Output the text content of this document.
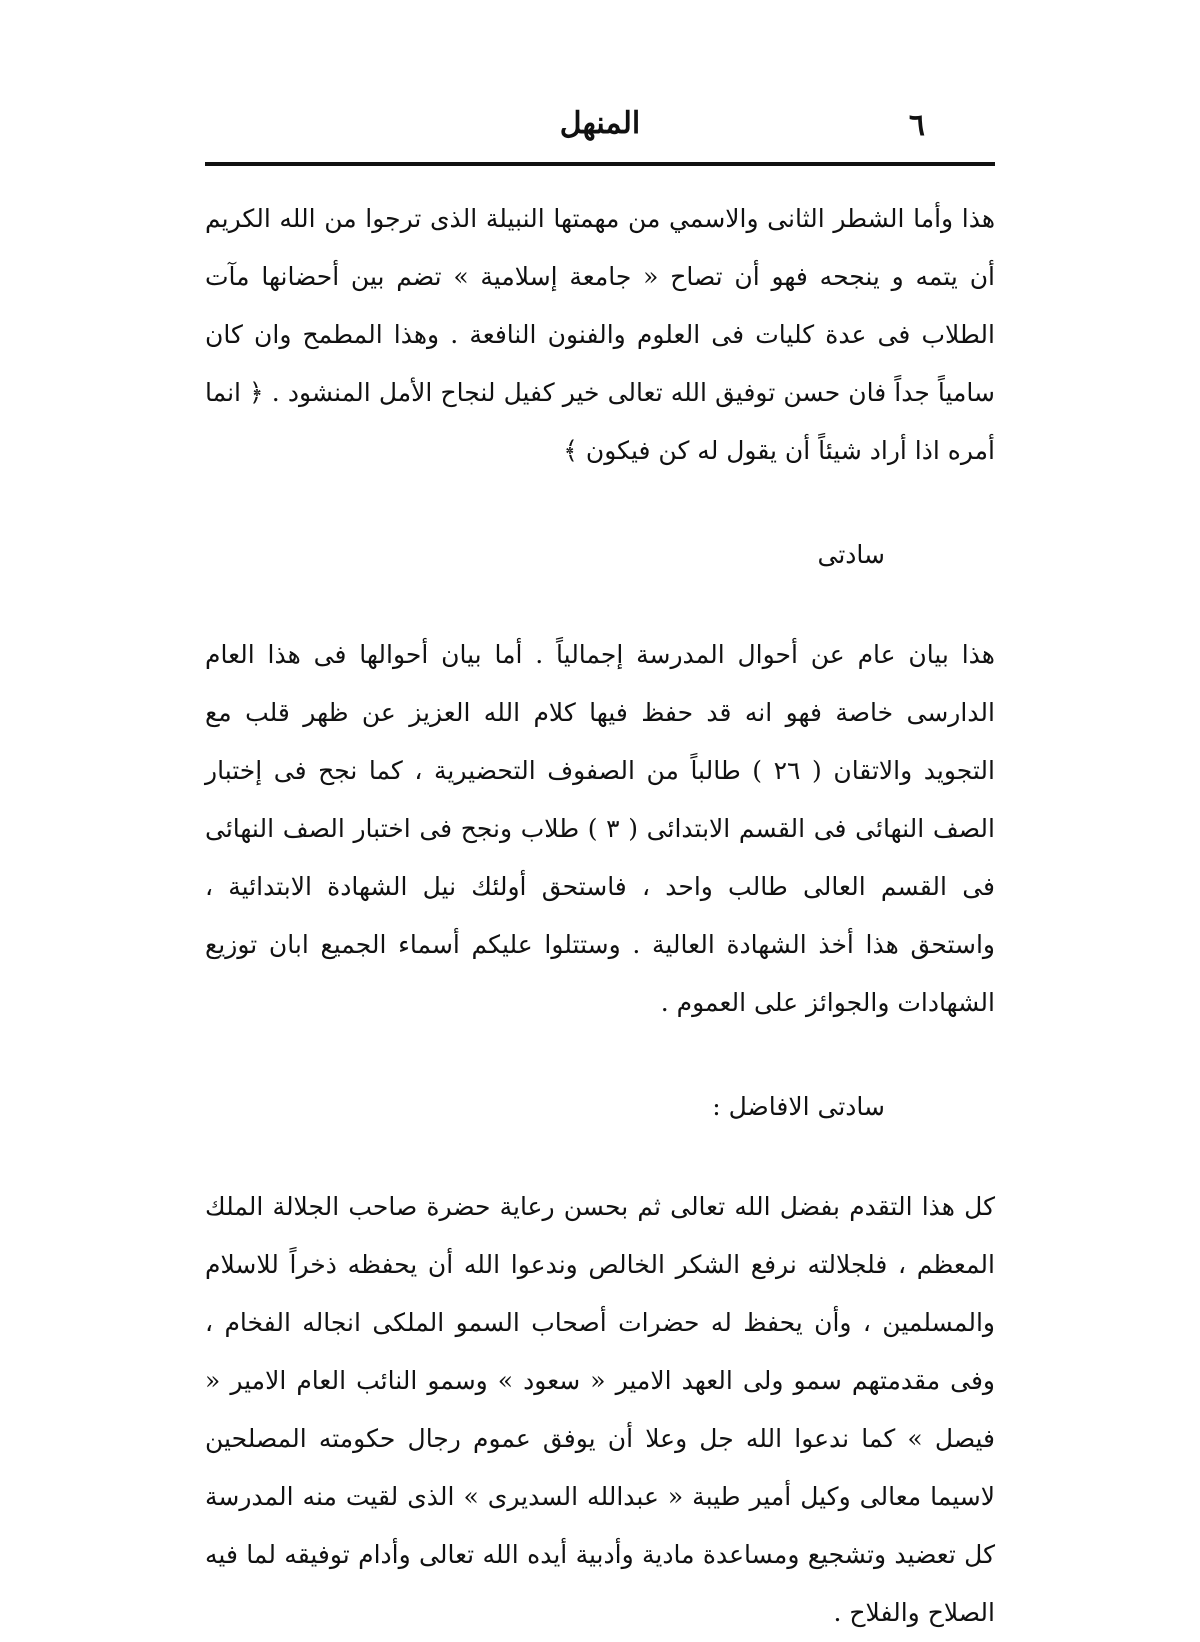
٦
المنهل

هذا وأما الشطر الثانى والاسمي من مهمتها النبيلة الذى ترجوا من الله الكريم أن يتمه و ينجحه فهو أن تصاح « جامعة إسلامية » تضم بين أحضانها مآت الطلاب فى عدة كليات فى العلوم والفنون النافعة . وهذا المطمح وان كان سامياً جداً فان حسن توفيق الله تعالى خير كفيل لنجاح الأمل المنشود . ﴿ انما أمره اذا أراد شيئاً أن يقول له كن فيكون ﴾

سادتى

هذا بيان عام عن أحوال المدرسة إجمالياً . أما بيان أحوالها فى هذا العام الدارسى خاصة فهو انه قد حفظ فيها كلام الله العزيز عن ظهر قلب مع التجويد والاتقان ( ٢٦ ) طالباً من الصفوف التحضيرية ، كما نجح فى إختبار الصف النهائى فى القسم الابتدائى ( ٣ ) طلاب ونجح فى اختبار الصف النهائى فى القسم العالى طالب واحد ، فاستحق أولئك نيل الشهادة الابتدائية ، واستحق هذا أخذ الشهادة العالية . وستتلوا عليكم أسماء الجميع ابان توزيع الشهادات والجوائز على العموم .

سادتى الافاضل :

كل هذا التقدم بفضل الله تعالى ثم بحسن رعاية حضرة صاحب الجلالة الملك المعظم ، فلجلالته نرفع الشكر الخالص وندعوا الله أن يحفظه ذخراً للاسلام والمسلمين ، وأن يحفظ له حضرات أصحاب السمو الملكى انجاله الفخام ، وفى مقدمتهم سمو ولى العهد الامير « سعود » وسمو النائب العام الامير « فيصل » كما ندعوا الله جل وعلا أن يوفق عموم رجال حكومته المصلحين لاسيما معالى وكيل أمير طيبة « عبدالله السديرى » الذى لقيت منه المدرسة كل تعضيد وتشجيع ومساعدة مادية وأدبية أيده الله تعالى وأدام توفيقه لما فيه الصلاح والفلاح .
